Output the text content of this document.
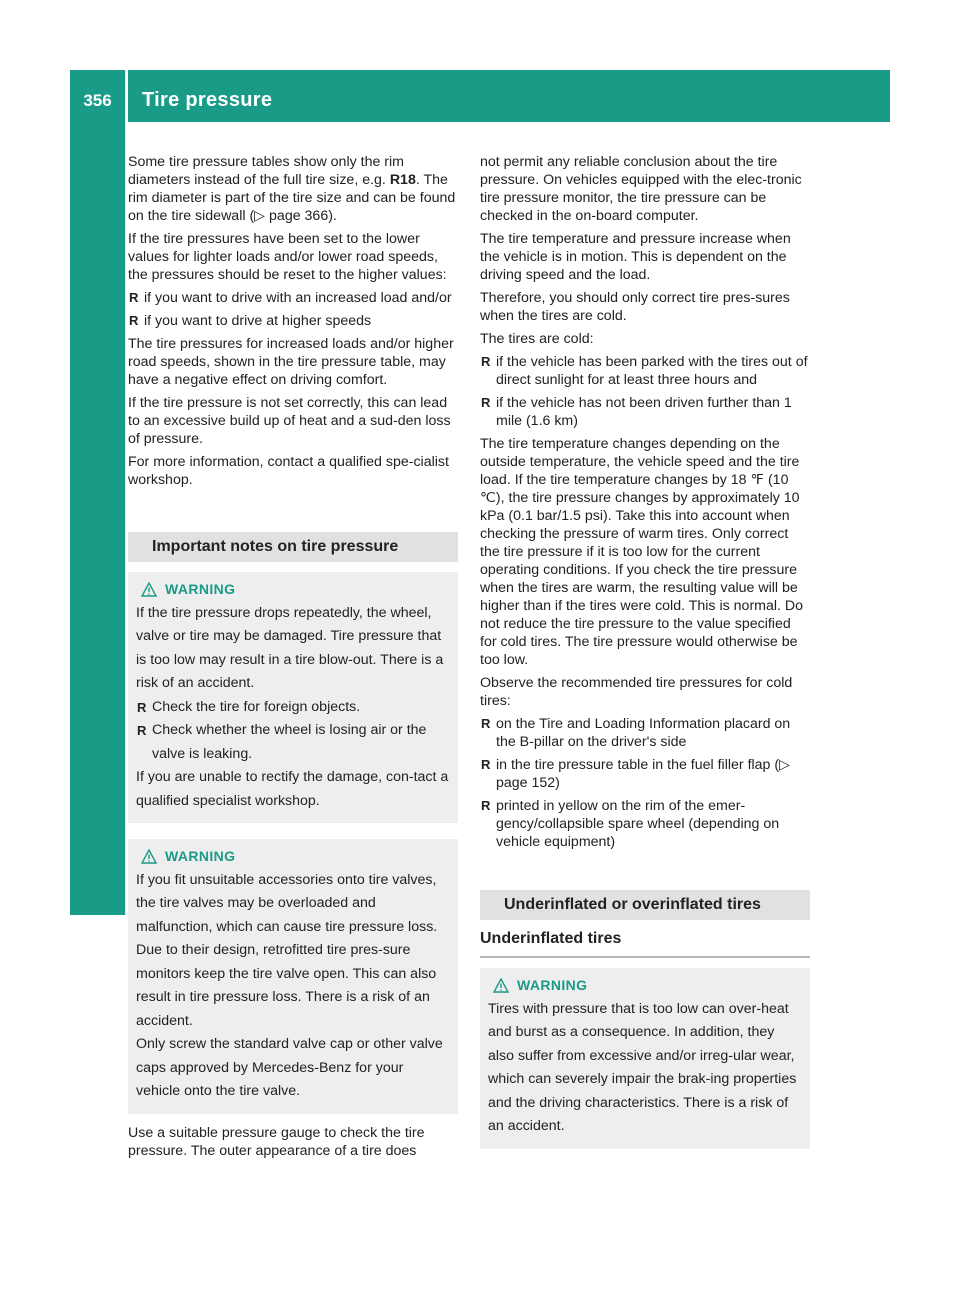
356	Tire pressure
Wheels and tires

Some tire pressure tables show only the rim diameters instead of the full tire size, e.g. R18. The rim diameter is part of the tire size and can be found on the tire sidewall (▷ page 366).

If the tire pressures have been set to the lower values for lighter loads and/or lower road speeds, the pressures should be reset to the higher values:

R if you want to drive with an increased load and/or
R if you want to drive at higher speeds

The tire pressures for increased loads and/or higher road speeds, shown in the tire pressure table, may have a negative effect on driving comfort.

If the tire pressure is not set correctly, this can lead to an excessive build up of heat and a sud-den loss of pressure.

For more information, contact a qualified spe-cialist workshop.

Important notes on tire pressure
WARNING

If the tire pressure drops repeatedly, the wheel, valve or tire may be damaged. Tire pressure that is too low may result in a tire blow-out. There is a risk of an accident.

R Check the tire for foreign objects.
R Check whether the wheel is losing air or the valve is leaking.

If you are unable to rectify the damage, con-tact a qualified specialist workshop.

WARNING

If you fit unsuitable accessories onto tire valves, the tire valves may be overloaded and malfunction, which can cause tire pressure loss. Due to their design, retrofitted tire pres-sure monitors keep the tire valve open. This can also result in tire pressure loss. There is a risk of an accident.

Only screw the standard valve cap or other valve caps approved by Mercedes-Benz for your vehicle onto the tire valve.

Use a suitable pressure gauge to check the tire pressure. The outer appearance of a tire does

not permit any reliable conclusion about the tire pressure. On vehicles equipped with the elec-tronic tire pressure monitor, the tire pressure can be checked in the on-board computer.

The tire temperature and pressure increase when the vehicle is in motion. This is dependent on the driving speed and the load.

Therefore, you should only correct tire pres-sures when the tires are cold.

The tires are cold:

R if the vehicle has been parked with the tires out of direct sunlight for at least three hours and
R if the vehicle has not been driven further than 1 mile (1.6 km)

The tire temperature changes depending on the outside temperature, the vehicle speed and the tire load. If the tire temperature changes by 18 ℉ (10 ℃), the tire pressure changes by approximately 10 kPa (0.1 bar/1.5 psi). Take this into account when checking the pressure of warm tires. Only correct the tire pressure if it is too low for the current operating conditions. If you check the tire pressure when the tires are warm, the resulting value will be higher than if the tires were cold. This is normal. Do not reduce the tire pressure to the value specified for cold tires. The tire pressure would otherwise be too low.

Observe the recommended tire pressures for cold tires:

R on the Tire and Loading Information placard on the B-pillar on the driver's side
R in the tire pressure table in the fuel filler flap (▷ page 152)
R printed in yellow on the rim of the emer-gency/collapsible spare wheel (depending on vehicle equipment)
Underinflated or overinflated tires
Underinflated tires
WARNING

Tires with pressure that is too low can over-heat and burst as a consequence. In addition, they also suffer from excessive and/or irreg-ular wear, which can severely impair the brak-ing properties and the driving characteristics. There is a risk of an accident.
